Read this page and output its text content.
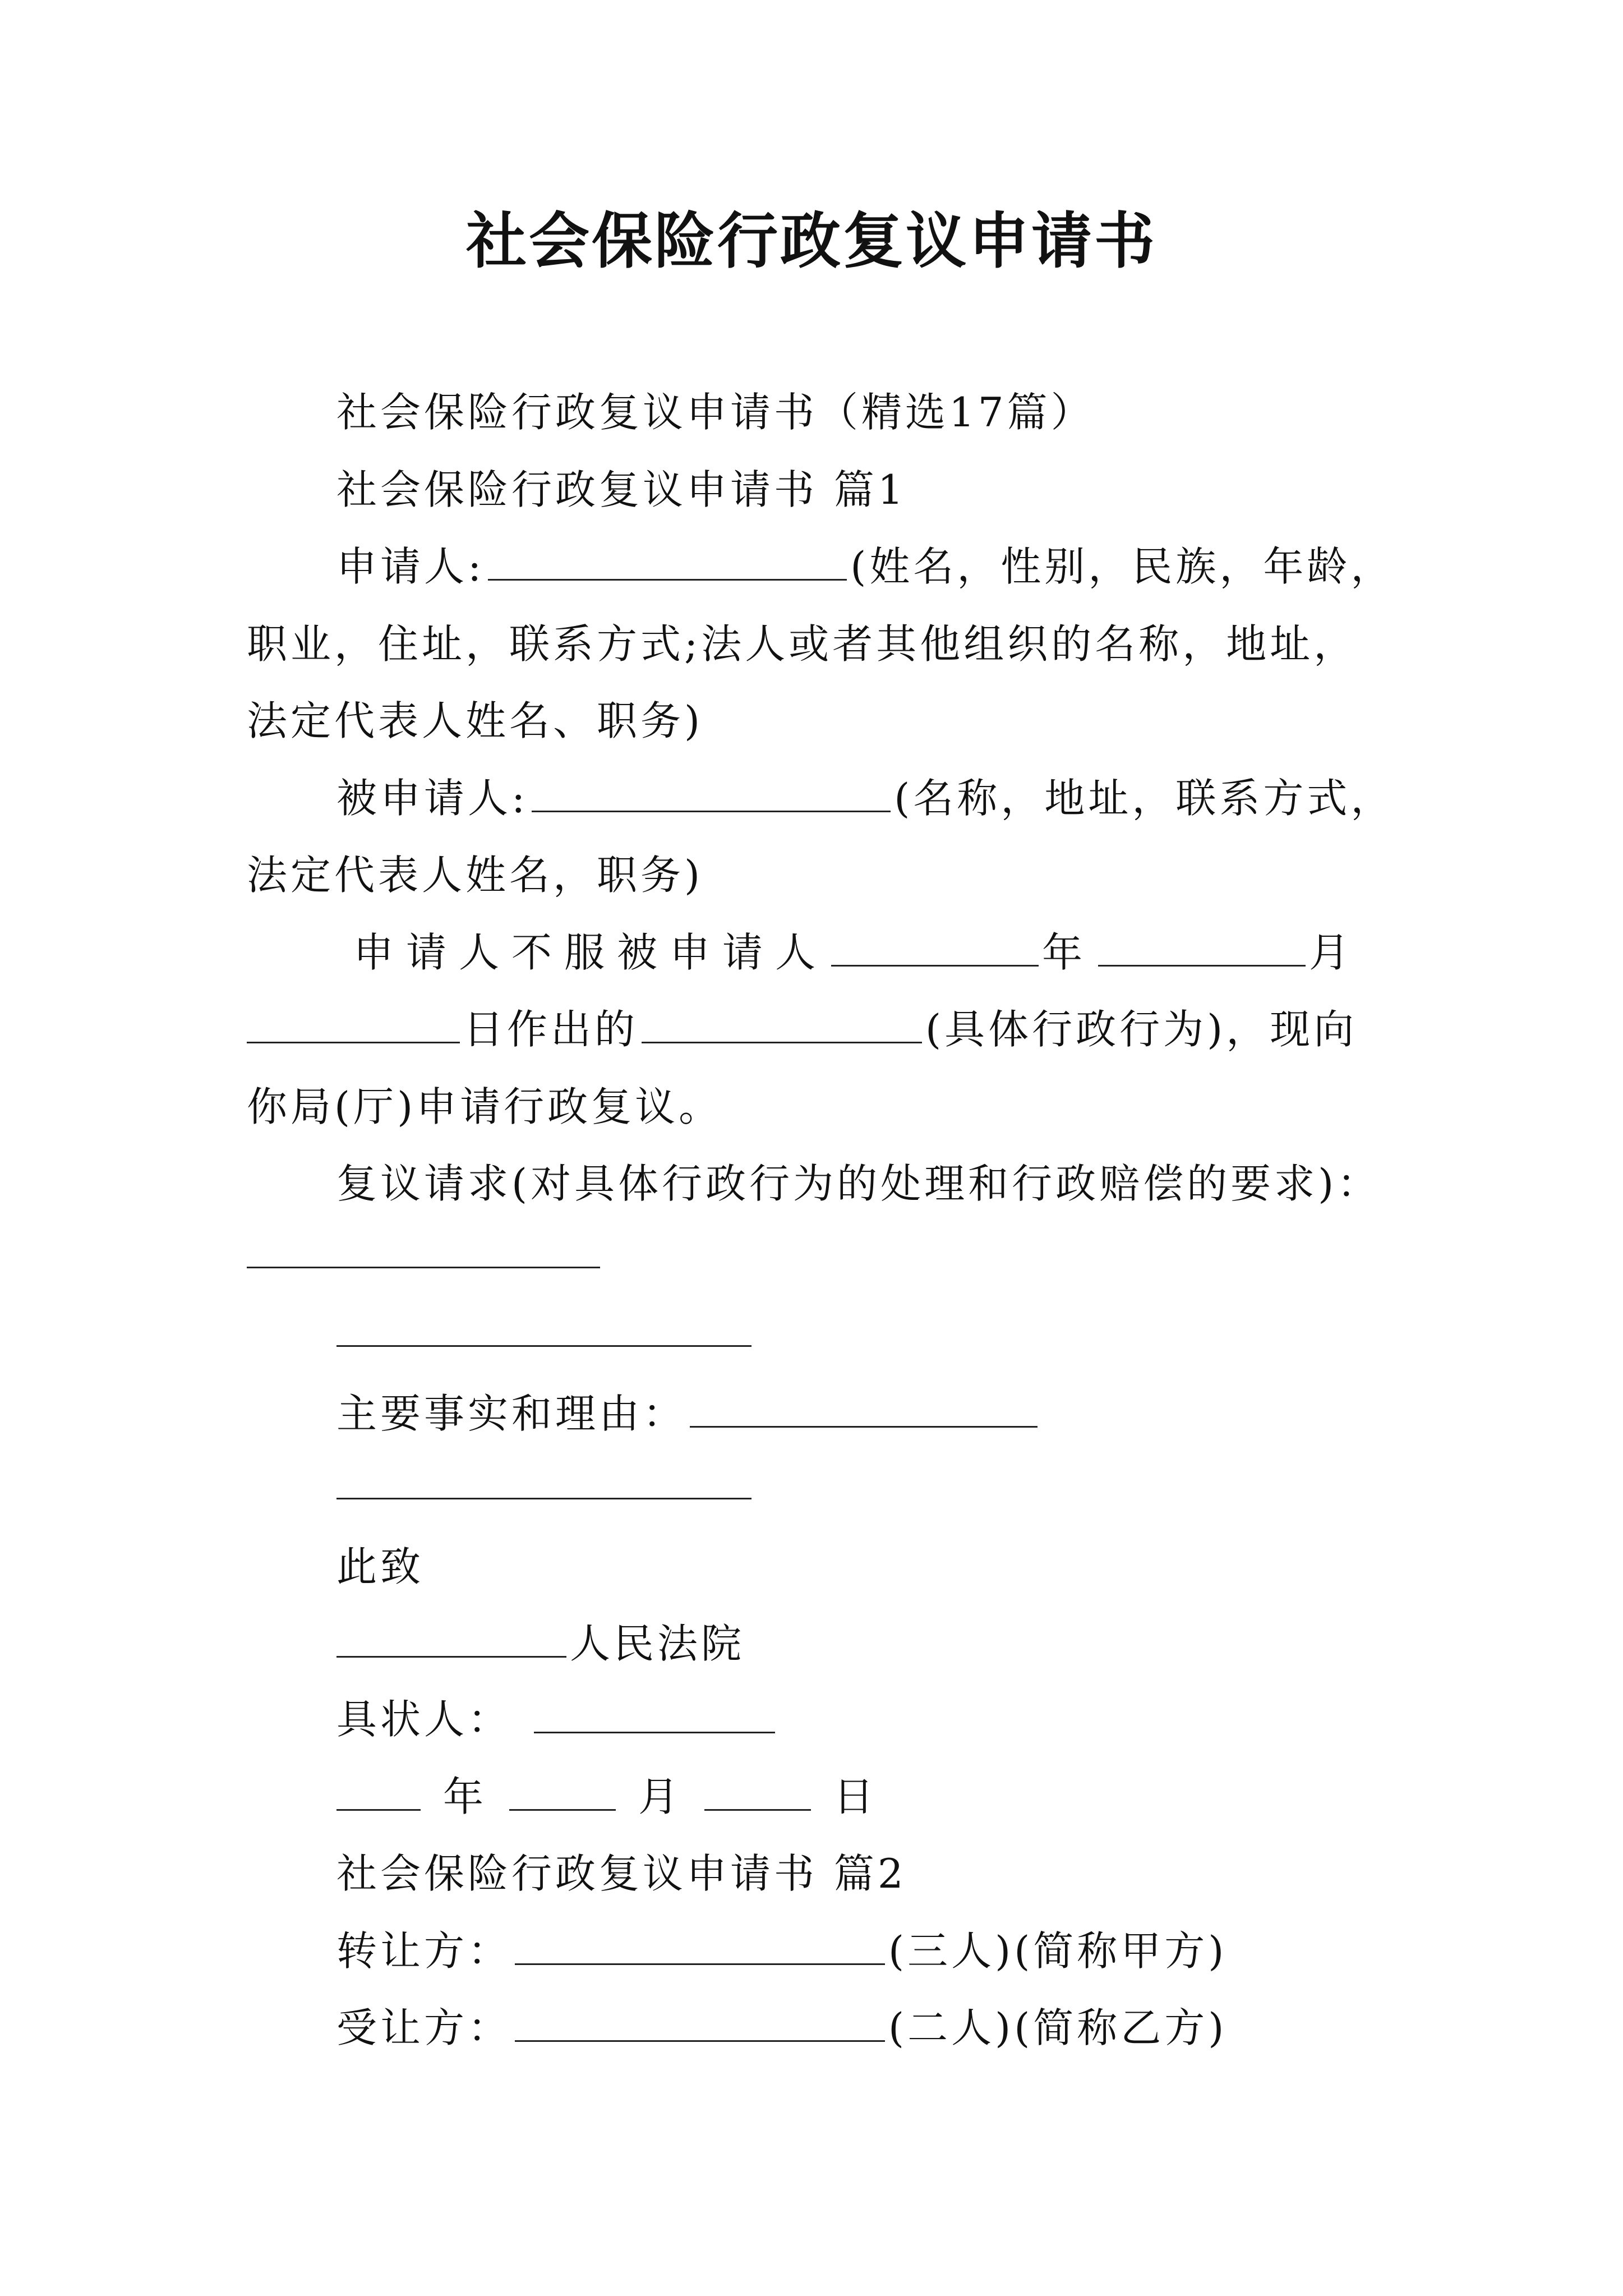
社会保险行政复议申请书
社会保险行政复议申请书（精选17篇）
社会保险行政复议申请书 篇1
申请人:	(姓名，性别，民族，年龄，
职业，住址，联系方式;法人或者其他组织的名称，地址，
法定代表人姓名、职务)
被申请人:	(名称，地址，联系方式，
法定代表人姓名，职务)
申请人不服被申请人	年	月
日作出的	(具体行政行为)，现向
你局(厅)申请行政复议。
复议请求(对具体行政行为的处理和行政赔偿的要求)：
主要事实和理由：
此致
人民法院
具状人：
年	月	日
社会保险行政复议申请书 篇2
转让方：	(三人)(简称甲方)
受让方：	(二人)(简称乙方)
